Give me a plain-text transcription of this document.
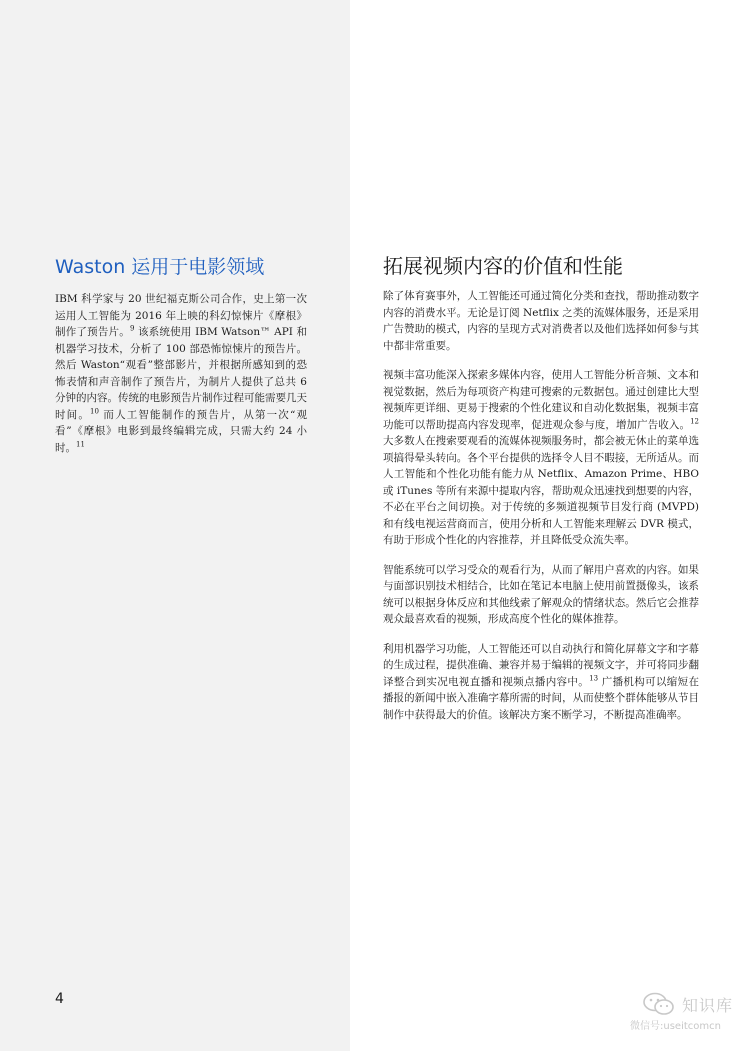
Waston 运用于电影领域

IBM 科学家与 20 世纪福克斯公司合作，史上第一次运用人工智能为 2016 年上映的科幻惊悚片《摩根》制作了预告片。$^9$ 该系统使用 IBM Watson™ API 和机器学习技术，分析了 100 部恐怖惊悚片的预告片。然后 Waston“观看”整部影片，并根据所感知到的恐怖表情和声音制作了预告片，为制片人提供了总共 6 分钟的内容。传统的电影预告片制作过程可能需要几天时间。$^{10}$ 而人工智能制作的预告片，从第一次“观看”《摩根》电影到最终编辑完成，只需大约 24 小时。$^{11}$

拓展视频内容的价值和性能

除了体育赛事外，人工智能还可通过简化分类和查找，帮助推动数字内容的消费水平。无论是订阅 Netflix 之类的流媒体服务，还是采用广告赞助的模式，内容的呈现方式对消费者以及他们选择如何参与其中都非常重要。

视频丰富功能深入探索多媒体内容，使用人工智能分析音频、文本和视觉数据，然后为每项资产构建可搜索的元数据包。通过创建比大型视频库更详细、更易于搜索的个性化建议和自动化数据集，视频丰富功能可以帮助提高内容发现率，促进观众参与度，增加广告收入。$^{12}$ 大多数人在搜索要观看的流媒体视频服务时，都会被无休止的菜单选项搞得晕头转向。各个平台提供的选择令人目不暇接，无所适从。而人工智能和个性化功能有能力从 Netflix、Amazon Prime、HBO 或 iTunes 等所有来源中提取内容，帮助观众迅速找到想要的内容，不必在平台之间切换。对于传统的多频道视频节目发行商 (MVPD) 和有线电视运营商而言，使用分析和人工智能来理解云 DVR 模式，有助于形成个性化的内容推荐，并且降低受众流失率。

智能系统可以学习受众的观看行为，从而了解用户喜欢的内容。如果与面部识别技术相结合，比如在笔记本电脑上使用前置摄像头，该系统可以根据身体反应和其他线索了解观众的情绪状态。然后它会推荐观众最喜欢看的视频，形成高度个性化的媒体推荐。

利用机器学习功能，人工智能还可以自动执行和简化屏幕文字和字幕的生成过程，提供准确、兼容并易于编辑的视频文字，并可将同步翻译整合到实况电视直播和视频点播内容中。$^{13}$ 广播机构可以缩短在播报的新闻中嵌入准确字幕所需的时间，从而使整个群体能够从节目制作中获得最大的价值。该解决方案不断学习，不断提高准确率。

4	知识库
微信号:useitcomcn
